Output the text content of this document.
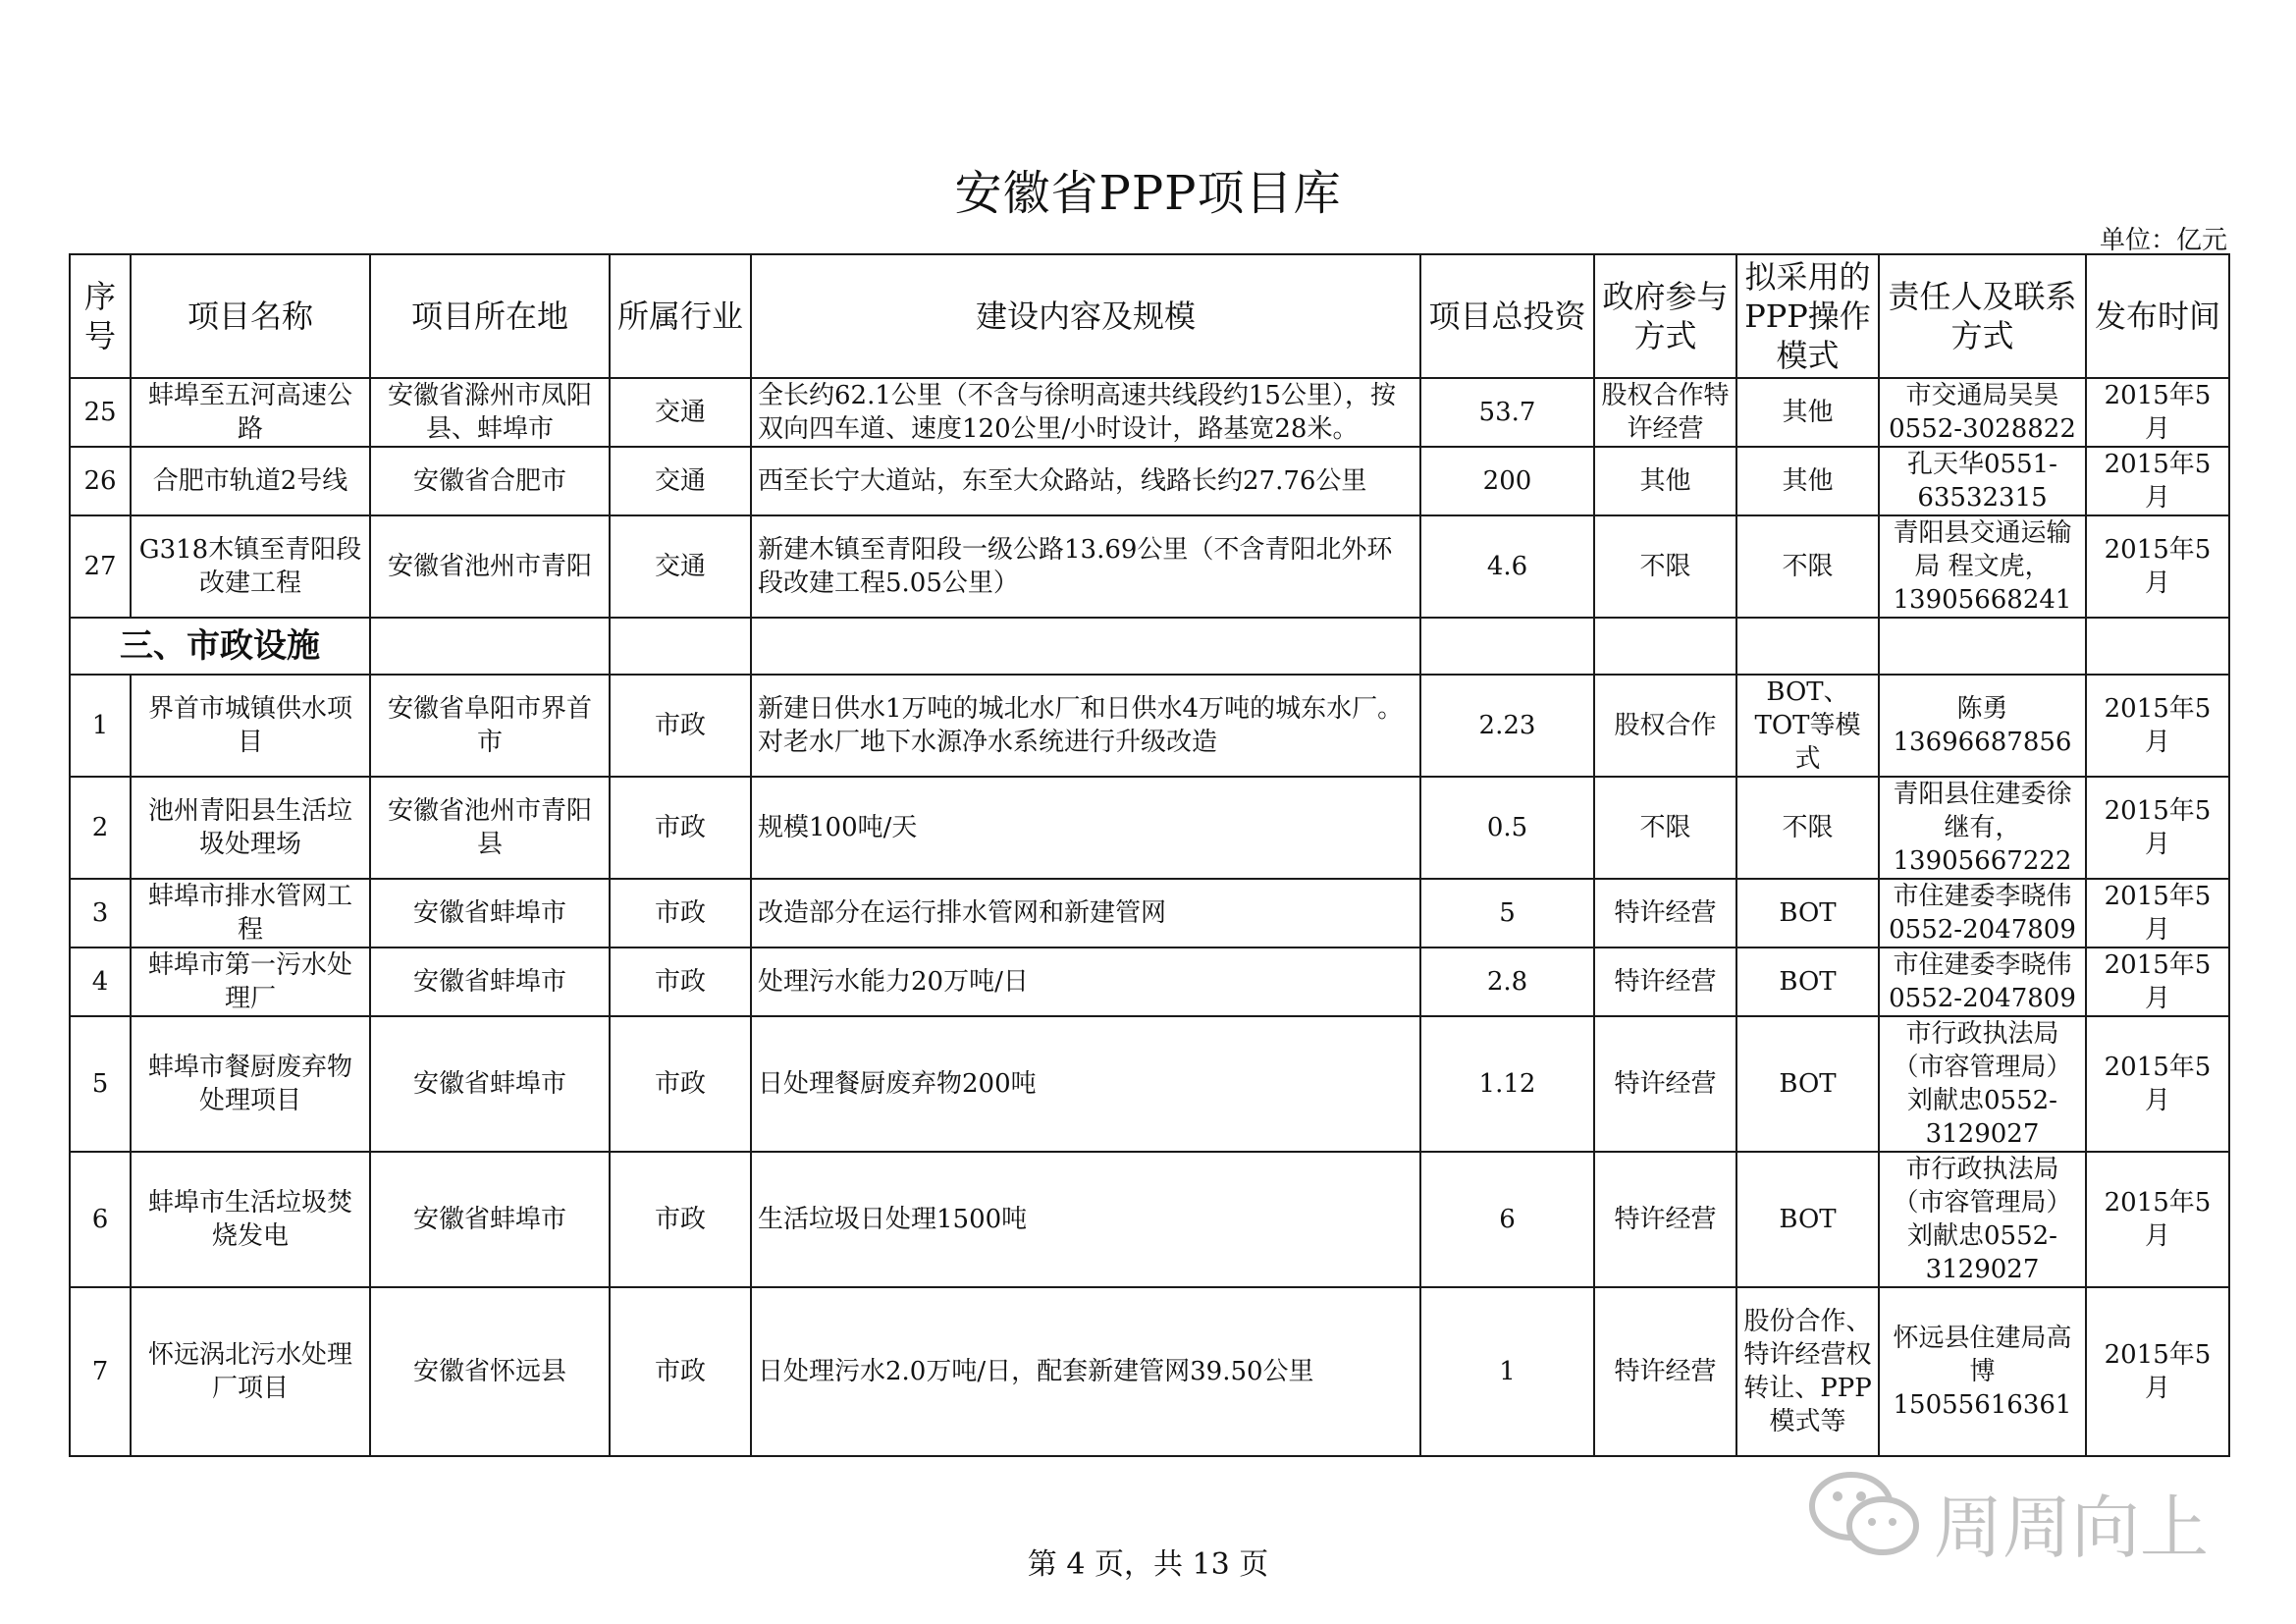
安徽省PPP项目库
单位：亿元
序号	项目名称	项目所在地	所属行业	建设内容及规模	项目总投资	政府参与方式	拟采用的PPP操作模式	责任人及联系方式	发布时间
25	蚌埠至五河高速公路	安徽省滁州市凤阳县、蚌埠市	交通	全长约62.1公里（不含与徐明高速共线段约15公里），按双向四车道、速度120公里/小时设计，路基宽28米。	53.7	股权合作特许经营	其他	市交通局吴昊0552-3028822	2015年5月
26	合肥市轨道2号线	安徽省合肥市	交通	西至长宁大道站，东至大众路站，线路长约27.76公里	200	其他	其他	孔天华0551-63532315	2015年5月
27	G318木镇至青阳段改建工程	安徽省池州市青阳	交通	新建木镇至青阳段一级公路13.69公里（不含青阳北外环段改建工程5.05公里）	4.6	不限	不限	青阳县交通运输局 程文虎，13905668241	2015年5月
三、市政设施									
1	界首市城镇供水项目	安徽省阜阳市界首市	市政	新建日供水1万吨的城北水厂和日供水4万吨的城东水厂。对老水厂地下水源净水系统进行升级改造	2.23	股权合作	BOT、TOT等模式	陈勇13696687856	2015年5月
2	池州青阳县生活垃圾处理场	安徽省池州市青阳县	市政	规模100吨/天	0.5	不限	不限	青阳县住建委徐继有，13905667222	2015年5月
3	蚌埠市排水管网工程	安徽省蚌埠市	市政	改造部分在运行排水管网和新建管网	5	特许经营	BOT	市住建委李晓伟0552-2047809	2015年5月
4	蚌埠市第一污水处理厂	安徽省蚌埠市	市政	处理污水能力20万吨/日	2.8	特许经营	BOT	市住建委李晓伟0552-2047809	2015年5月
5	蚌埠市餐厨废弃物处理项目	安徽省蚌埠市	市政	日处理餐厨废弃物200吨	1.12	特许经营	BOT	市行政执法局（市容管理局）刘献忠0552-3129027	2015年5月
6	蚌埠市生活垃圾焚烧发电	安徽省蚌埠市	市政	生活垃圾日处理1500吨	6	特许经营	BOT	市行政执法局（市容管理局）刘献忠0552-3129027	2015年5月
7	怀远涡北污水处理厂项目	安徽省怀远县	市政	日处理污水2.0万吨/日，配套新建管网39.50公里	1	特许经营	股份合作、特许经营权转让、PPP模式等	怀远县住建局高博15055616361	2015年5月
第 4 页，共 13 页	周周向上
